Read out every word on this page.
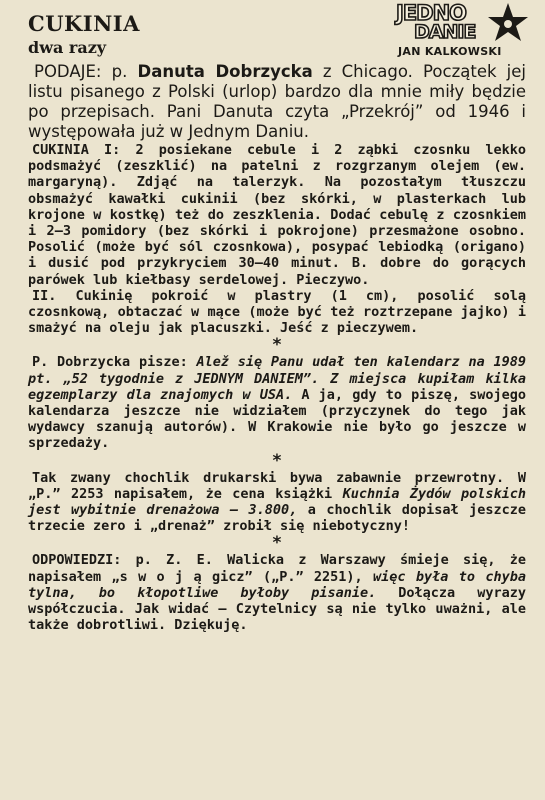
CUKINIA
dwa razy
JEDNO
DANIE
JAN KALKOWSKI

PODAJE: p. Danuta Dobrzycka z Chicago. Początek jej listu pisanego z Polski (urlop) bardzo dla mnie miły będzie po przepisach. Pani Danuta czyta „Przekrój” od 1946 i występowała już w Jednym Daniu.

CUKINIA I: 2 posiekane cebule i 2 ząbki czosnku lekko podsmażyć (zeszklić) na patelni z rozgrzanym olejem (ew. margaryną). Zdjąć na talerzyk. Na pozostałym tłuszczu obsmażyć kawałki cukinii (bez skórki, w plasterkach lub krojone w kostkę) też do zeszklenia. Dodać cebulę z czosnkiem i 2—3 pomidory (bez skórki i pokrojone) przesmażone osobno. Posolić (może być sól czosnkowa), posypać lebiodką (origano) i dusić pod przykryciem 30—40 minut. B. dobre do gorących parówek lub kiełbasy serdelowej. Pieczywo.

II. Cukinię pokroić w plastry (1 cm), posolić solą czosnkową, obtaczać w mące (może być też roztrzepane jajko) i smażyć na oleju jak placuszki. Jeść z pieczywem.

*

P. Dobrzycka pisze: Alež się Panu udał ten kalendarz na 1989 pt. „52 tygodnie z JEDNYM DANIEM”. Z miejsca kupiłam kilka egzemplarzy dla znajomych w USA. A ja, gdy to piszę, swojego kalendarza jeszcze nie widziałem (przyczynek do tego jak wydawcy szanują autorów). W Krakowie nie było go jeszcze w sprzedaży.

*

Tak zwany chochlik drukarski bywa zabawnie przewrotny. W „P.” 2253 napisałem, że cena książki Kuchnia Żydów polskich jest wybitnie drenażowa — 3.800, a chochlik dopisał jeszcze trzecie zero i „drenaż” zrobił się niebotyczny!

*

ODPOWIEDZI: p. Z. E. Walicka z Warszawy śmieje się, że napisałem „s w o j ą gicz” („P.” 2251), więc była to chyba tylna, bo kłopotliwe byłoby pisanie. Dołącza wyrazy współczucia. Jak widać — Czytelnicy są nie tylko uważni, ale także dobrotliwi. Dziękuję.
